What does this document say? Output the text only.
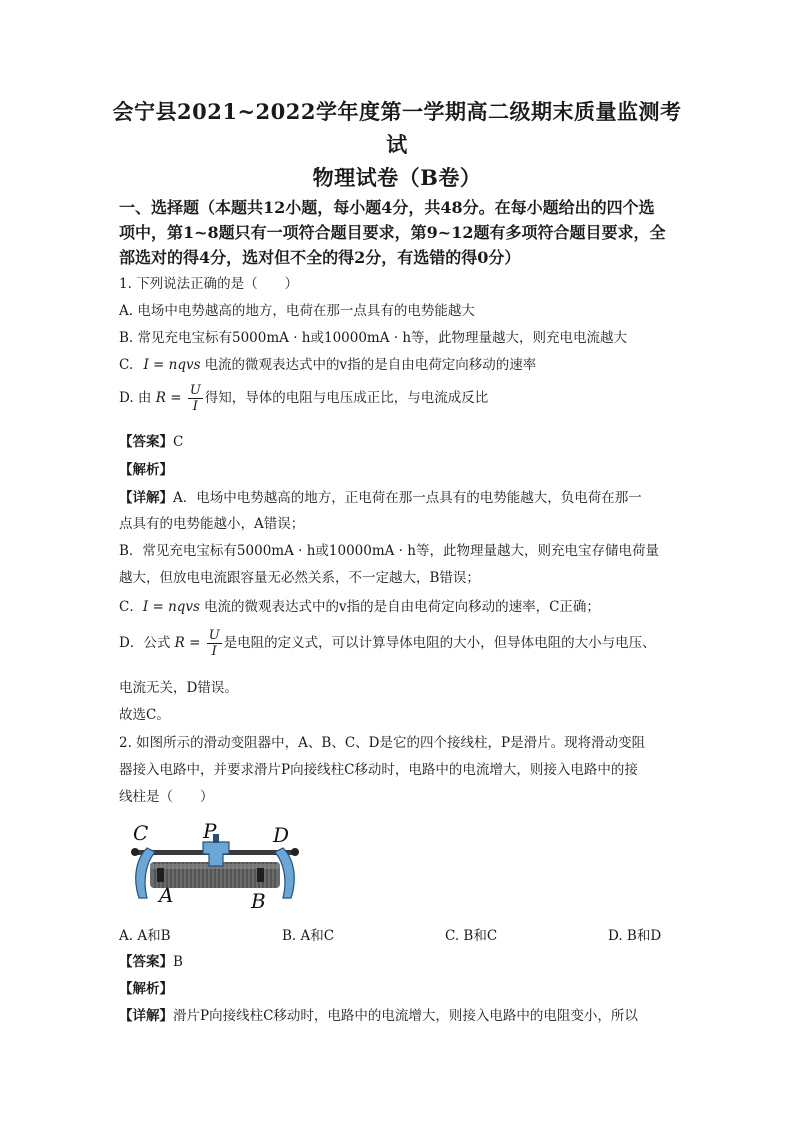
会宁县2021~2022学年度第一学期高二级期末质量监测考
试
物理试卷（B卷）
一、选择题（本题共12小题，每小题4分，共48分。在每小题给出的四个选
项中，第1~8题只有一项符合题目要求，第9~12题有多项符合题目要求，全
部选对的得4分，选对但不全的得2分，有选错的得0分）
1. 下列说法正确的是（　　）
A. 电场中电势越高的地方，电荷在那一点具有的电势能越大
B. 常见充电宝标有5000mA · h或10000mA · h等，此物理量越大，则充电电流越大
C. I = nqvs 电流的微观表达式中的v指的是自由电荷定向移动的速率
D. 由 $R = \frac{U}{I}$ 得知，导体的电阻与电压成正比，与电流成反比
【答案】C
【解析】
【详解】A．电场中电势越高的地方，正电荷在那一点具有的电势能越大，负电荷在那一
点具有的电势能越小，A错误；
B．常见充电宝标有5000mA · h或10000mA · h等，此物理量越大，则充电宝存储电荷量
越大，但放电电流跟容量无必然关系，不一定越大，B错误；
C．I = nqvs 电流的微观表达式中的v指的是自由电荷定向移动的速率，C正确；
D．公式 $R = \frac{U}{I}$ 是电阻的定义式，可以计算导体电阻的大小，但导体电阻的大小与电压、
电流无关，D错误。
故选C。
2. 如图所示的滑动变阻器中，A、B、C、D是它的四个接线柱，P是滑片。现将滑动变阻
器接入电路中，并要求滑片P向接线柱C移动时，电路中的电流增大，则接入电路中的接
线柱是（　　）
C	P	D
A	B
A. A和B	B. A和C	C. B和C	D. B和D
【答案】B
【解析】
【详解】滑片P向接线柱C移动时，电路中的电流增大，则接入电路中的电阻变小，所以
